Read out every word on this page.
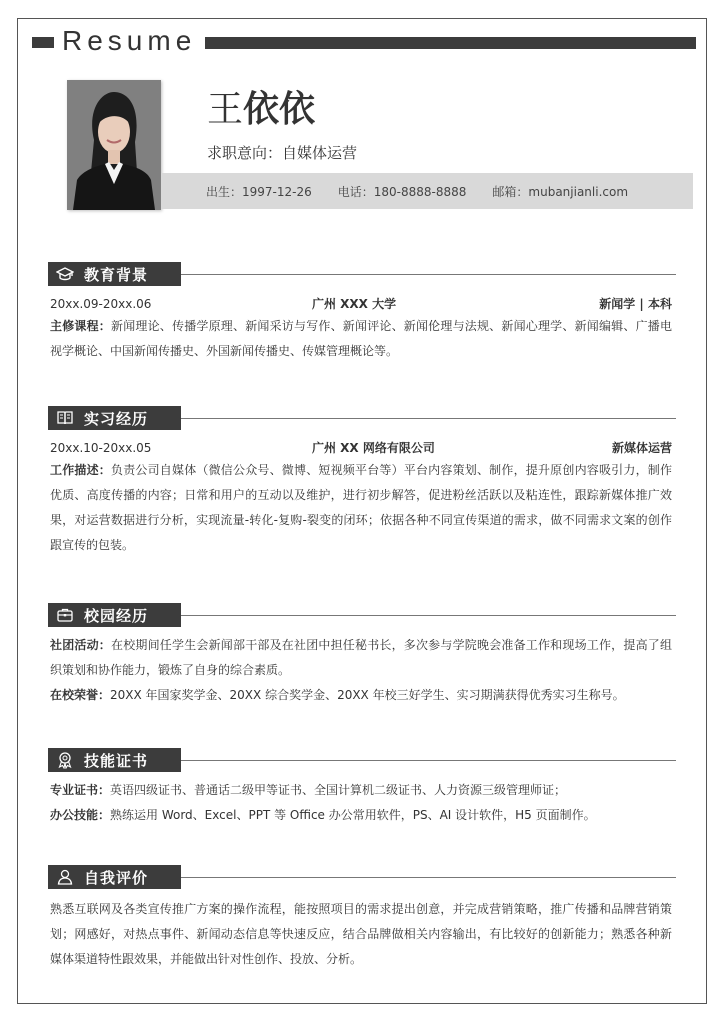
Resume
王依依
求职意向：自媒体运营
出生：1997-12-26 电话：180-8888-8888 邮箱：mubanjianli.com
教育背景
20xx.09-20xx.06	广州 XXX 大学	新闻学 | 本科

主修课程：新闻理论、传播学原理、新闻采访与写作、新闻评论、新闻伦理与法规、新闻心理学、新闻编辑、广播电视学概论、中国新闻传播史、外国新闻传播史、传媒管理概论等。

实习经历
20xx.10-20xx.05	广州 XX 网络有限公司	新媒体运营

工作描述：负责公司自媒体（微信公众号、微博、短视频平台等）平台内容策划、制作，提升原创内容吸引力，制作优质、高度传播的内容；日常和用户的互动以及维护，进行初步解答，促进粉丝活跃以及粘连性，跟踪新媒体推广效果，对运营数据进行分析，实现流量-转化-复购-裂变的闭环；依据各种不同宣传渠道的需求，做不同需求文案的创作跟宣传的包装。

校园经历

社团活动：在校期间任学生会新闻部干部及在社团中担任秘书长，多次参与学院晚会准备工作和现场工作，提高了组织策划和协作能力，锻炼了自身的综合素质。

在校荣誉：20XX 年国家奖学金、20XX 综合奖学金、20XX 年校三好学生、实习期满获得优秀实习生称号。

技能证书

专业证书：英语四级证书、普通话二级甲等证书、全国计算机二级证书、人力资源三级管理师证；

办公技能：熟练运用 Word、Excel、PPT 等 Office 办公常用软件，PS、AI 设计软件，H5 页面制作。

自我评价

熟悉互联网及各类宣传推广方案的操作流程，能按照项目的需求提出创意，并完成营销策略，推广传播和品牌营销策划；网感好，对热点事件、新闻动态信息等快速反应，结合品牌做相关内容输出，有比较好的创新能力；熟悉各种新媒体渠道特性跟效果，并能做出针对性创作、投放、分析。
